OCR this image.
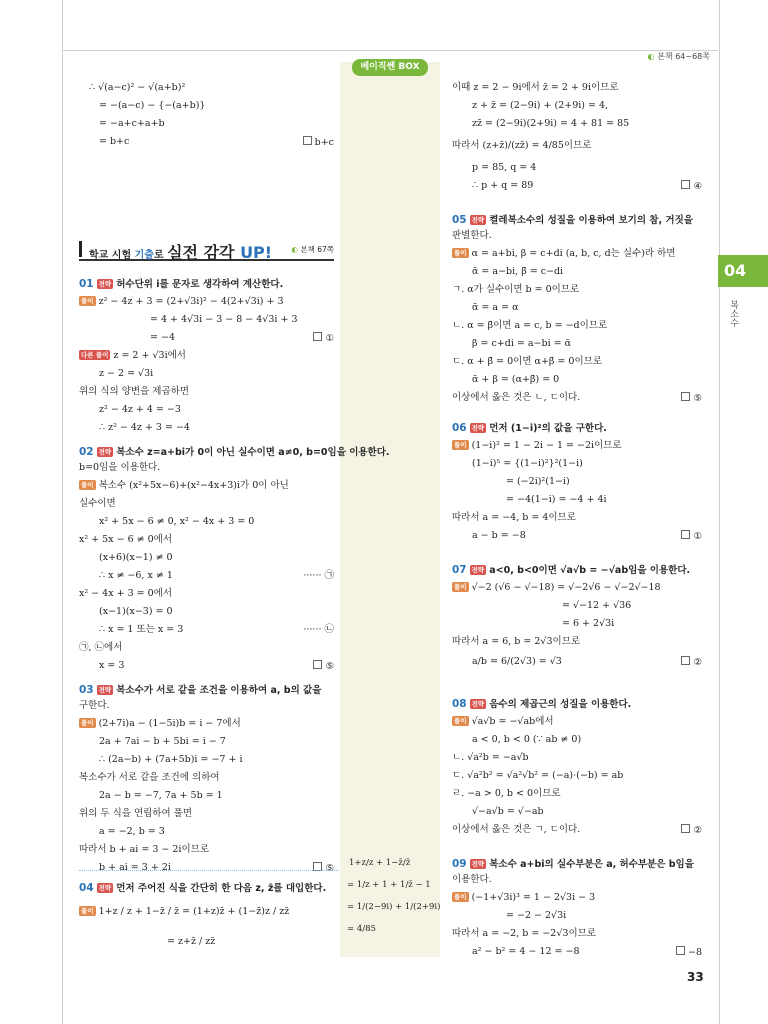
베이직쎈 BOX
◐ 본책 64~68쪽
04
복소수
33
∴ √(a−c)² − √(a+b)²
= −(a−c) − {−(a+b)}
= −a+c+a+b
= b+c	b+c
학교 시험 기출로 실전 감각 UP!	◐ 본책 67쪽
01 전략 허수단위 i를 문자로 생각하여 계산한다.
풀이 z² − 4z + 3 = (2+√3i)² − 4(2+√3i) + 3
= 4 + 4√3i − 3 − 8 − 4√3i + 3
= −4	①
다른 풀이 z = 2 + √3i에서
z − 2 = √3i
위의 식의 양변을 제곱하면
z² − 4z + 4 = −3
∴ z² − 4z + 3 = −4
02 전략 복소수 z=a+bi가 0이 아닌 실수이면 a≠0, b=0임을 이용한다.
b=0임을 이용한다.
풀이 복소수 (x²+5x−6)+(x²−4x+3)i가 0이 아닌
실수이면
x² + 5x − 6 ≠ 0, x² − 4x + 3 = 0
x² + 5x − 6 ≠ 0에서
(x+6)(x−1) ≠ 0
∴ x ≠ −6, x ≠ 1	······ ㉠
x² − 4x + 3 = 0에서
(x−1)(x−3) = 0
∴ x = 1 또는 x = 3	······ ㉡
㉠, ㉡에서
x = 3	⑤
03 전략 복소수가 서로 같을 조건을 이용하여 a, b의 값을
구한다.
풀이 (2+7i)a − (1−5i)b = i − 7에서
2a + 7ai − b + 5bi = i − 7
∴ (2a−b) + (7a+5b)i = −7 + i
복소수가 서로 같을 조건에 의하여
2a − b = −7, 7a + 5b = 1
위의 두 식을 연립하여 풀면
a = −2, b = 3
따라서 b + ai = 3 − 2i이므로
b + ai = 3 + 2i	⑤
04 전략 먼저 주어진 식을 간단히 한 다음 z, z̄를 대입한다.
풀이 1+z / z + 1−z̄ / z̄ = (1+z)z̄ + (1−z̄)z / zz̄
= z+z̄ / zz̄
1+z/z + 1−z̄/z̄
= 1/z + 1 + 1/z̄ − 1
= 1/(2−9i) + 1/(2+9i)
= 4/85
이때 z = 2 − 9i에서 z̄ = 2 + 9i이므로
z + z̄ = (2−9i) + (2+9i) = 4,
zz̄ = (2−9i)(2+9i) = 4 + 81 = 85
따라서 (z+z̄)/(zz̄) = 4/85이므로
p = 85, q = 4
∴ p + q = 89	④
05 전략 켤레복소수의 성질을 이용하여 보기의 참, 거짓을
판별한다.
풀이 α = a+bi, β = c+di (a, b, c, d는 실수)라 하면
ᾱ = a−bi, β̄ = c−di
ㄱ. α가 실수이면 b = 0이므로
ᾱ = a = α
ㄴ. α = β̄이면 a = c, b = −d이므로
β = c+di = a−bi = ᾱ
ㄷ. α + β̄ = 0이면 α+β̄ = 0이므로
ᾱ + β = (α+β̄) = 0
이상에서 옳은 것은 ㄴ, ㄷ이다.	⑤
06 전략 먼저 (1−i)²의 값을 구한다.
풀이 (1−i)² = 1 − 2i − 1 = −2i이므로
(1−i)⁵ = {(1−i)²}²(1−i)
= (−2i)²(1−i)
= −4(1−i) = −4 + 4i
따라서 a = −4, b = 4이므로
a − b = −8	①
07 전략 a<0, b<0이면 √a√b = −√ab임을 이용한다.
풀이 √−2 (√6 − √−18) = √−2√6 − √−2√−18
= √−12 + √36
= 6 + 2√3i
따라서 a = 6, b = 2√3이므로
a/b = 6/(2√3) = √3	②
08 전략 음수의 제곱근의 성질을 이용한다.
풀이 √a√b = −√ab에서
a < 0, b < 0 (∵ ab ≠ 0)
ㄴ. √a²b = −a√b
ㄷ. √a²b² = √a²√b² = (−a)·(−b) = ab
ㄹ. −a > 0, b < 0이므로
√−a√b = √−ab
이상에서 옳은 것은 ㄱ, ㄷ이다.	②
09 전략 복소수 a+bi의 실수부분은 a, 허수부분은 b임을
이용한다.
풀이 (−1+√3i)³ = 1 − 2√3i − 3
= −2 − 2√3i
따라서 a = −2, b = −2√3이므로
a² − b² = 4 − 12 = −8	−8
